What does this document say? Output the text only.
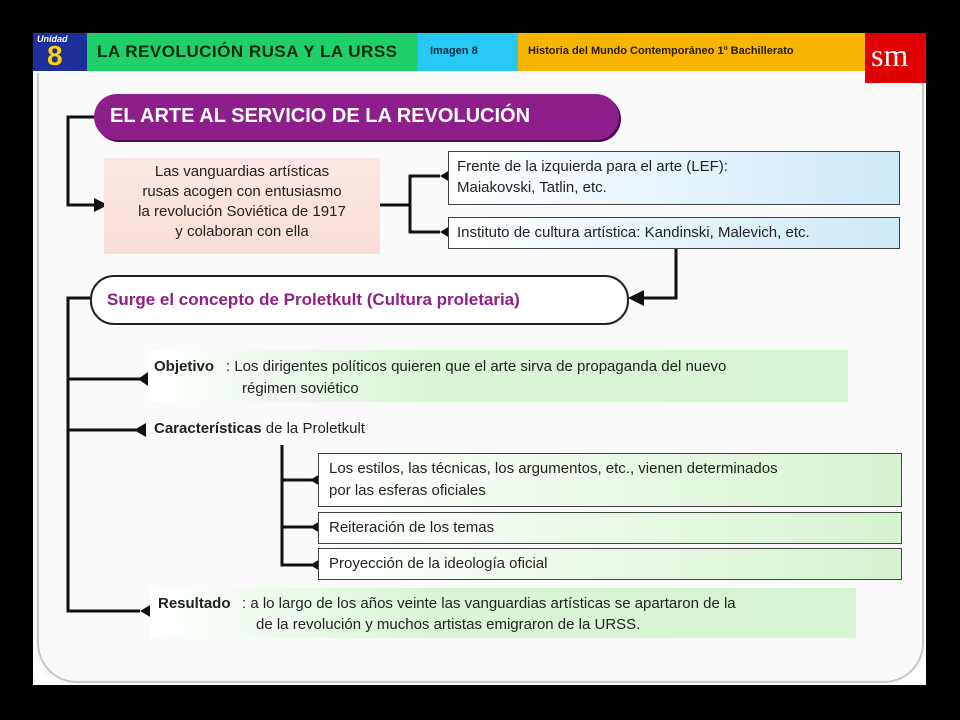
Unidad
8 LA REVOLUCIÓN RUSA Y LA URSS	Imagen 8	Historia del Mundo Contemporáneo 1º Bachillerato sm
EL ARTE AL SERVICIO DE LA REVOLUCIÓN
Las vanguardias artísticas
rusas acogen con entusiasmo
la revolución Soviética de 1917
y colaboran con ella
Frente de la izquierda para el arte (LEF):
Maiakovski, Tatlin, etc.
Instituto de cultura artística: Kandinski, Malevich, etc.
Surge el concepto de Proletkult (Cultura proletaria)
Objetivo : Los dirigentes políticos quieren que el arte sirva de propaganda del nuevo
régimen soviético
Características de la Proletkult
Los estilos, las técnicas, los argumentos, etc., vienen determinados
por las esferas oficiales
Reiteración de los temas
Proyección de la ideología oficial
Resultado : a lo largo de los años veinte las vanguardias artísticas se apartaron de la
de la revolución y muchos artistas emigraron de la URSS.
